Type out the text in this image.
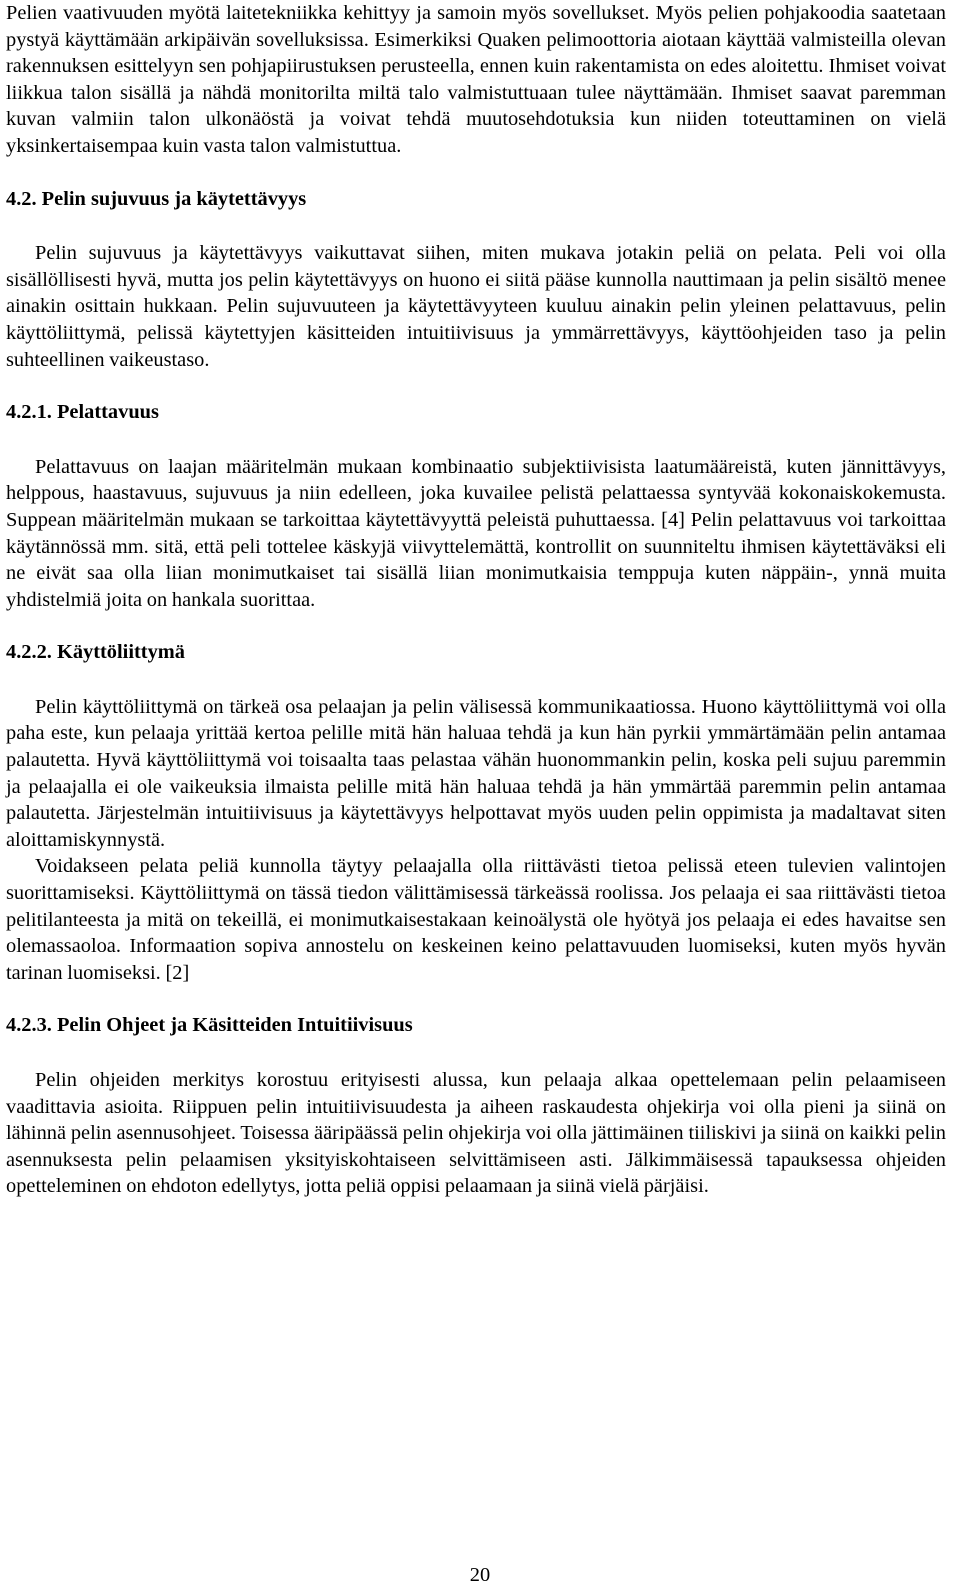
Pelien vaativuuden myötä laitetekniikka kehittyy ja samoin myös sovellukset. Myös pelien pohjakoodia saatetaan pystyä käyttämään arkipäivän sovelluksissa. Esimerkiksi Quaken pelimoottoria aiotaan käyttää valmisteilla olevan rakennuksen esittelyyn sen pohjapiirustuksen perusteella, ennen kuin rakentamista on edes aloitettu. Ihmiset voivat liikkua talon sisällä ja nähdä monitorilta miltä talo valmistuttuaan tulee näyttämään. Ihmiset saavat paremman kuvan valmiin talon ulkonäöstä ja voivat tehdä muutosehdotuksia kun niiden toteuttaminen on vielä yksinkertaisempaa kuin vasta talon valmistuttua.

4.2. Pelin sujuvuus ja käytettävyys

Pelin sujuvuus ja käytettävyys vaikuttavat siihen, miten mukava jotakin peliä on pelata. Peli voi olla sisällöllisesti hyvä, mutta jos pelin käytettävyys on huono ei siitä pääse kunnolla nauttimaan ja pelin sisältö menee ainakin osittain hukkaan. Pelin sujuvuuteen ja käytettävyyteen kuuluu ainakin pelin yleinen pelattavuus, pelin käyttöliittymä, pelissä käytettyjen käsitteiden intuitiivisuus ja ymmärrettävyys, käyttöohjeiden taso ja pelin suhteellinen vaikeustaso.

4.2.1. Pelattavuus

Pelattavuus on laajan määritelmän mukaan kombinaatio subjektiivisista laatumääreistä, kuten jännittävyys, helppous, haastavuus, sujuvuus ja niin edelleen, joka kuvailee pelistä pelattaessa syntyvää kokonaiskokemusta. Suppean määritelmän mukaan se tarkoittaa käytettävyyttä peleistä puhuttaessa. [4] Pelin pelattavuus voi tarkoittaa käytännössä mm. sitä, että peli tottelee käskyjä viivyttelemättä, kontrollit on suunniteltu ihmisen käytettäväksi eli ne eivät saa olla liian monimutkaiset tai sisällä liian monimutkaisia temppuja kuten näppäin-, ynnä muita yhdistelmiä joita on hankala suorittaa.

4.2.2. Käyttöliittymä

Pelin käyttöliittymä on tärkeä osa pelaajan ja pelin välisessä kommunikaatiossa. Huono käyttöliittymä voi olla paha este, kun pelaaja yrittää kertoa pelille mitä hän haluaa tehdä ja kun hän pyrkii ymmärtämään pelin antamaa palautetta. Hyvä käyttöliittymä voi toisaalta taas pelastaa vähän huonommankin pelin, koska peli sujuu paremmin ja pelaajalla ei ole vaikeuksia ilmaista pelille mitä hän haluaa tehdä ja hän ymmärtää paremmin pelin antamaa palautetta. Järjestelmän intuitiivisuus ja käytettävyys helpottavat myös uuden pelin oppimista ja madaltavat siten aloittamiskynnystä.

Voidakseen pelata peliä kunnolla täytyy pelaajalla olla riittävästi tietoa pelissä eteen tulevien valintojen suorittamiseksi. Käyttöliittymä on tässä tiedon välittämisessä tärkeässä roolissa. Jos pelaaja ei saa riittävästi tietoa pelitilanteesta ja mitä on tekeillä, ei monimutkaisestakaan keinoälystä ole hyötyä jos pelaaja ei edes havaitse sen olemassaoloa. Informaation sopiva annostelu on keskeinen keino pelattavuuden luomiseksi, kuten myös hyvän tarinan luomiseksi. [2]

4.2.3. Pelin Ohjeet ja Käsitteiden Intuitiivisuus

Pelin ohjeiden merkitys korostuu erityisesti alussa, kun pelaaja alkaa opettelemaan pelin pelaamiseen vaadittavia asioita. Riippuen pelin intuitiivisuudesta ja aiheen raskaudesta ohjekirja voi olla pieni ja siinä on lähinnä pelin asennusohjeet. Toisessa ääripäässä pelin ohjekirja voi olla jättimäinen tiiliskivi ja siinä on kaikki pelin asennuksesta pelin pelaamisen yksityiskohtaiseen selvittämiseen asti. Jälkimmäisessä tapauksessa ohjeiden opetteleminen on ehdoton edellytys, jotta peliä oppisi pelaamaan ja siinä vielä pärjäisi.

20
